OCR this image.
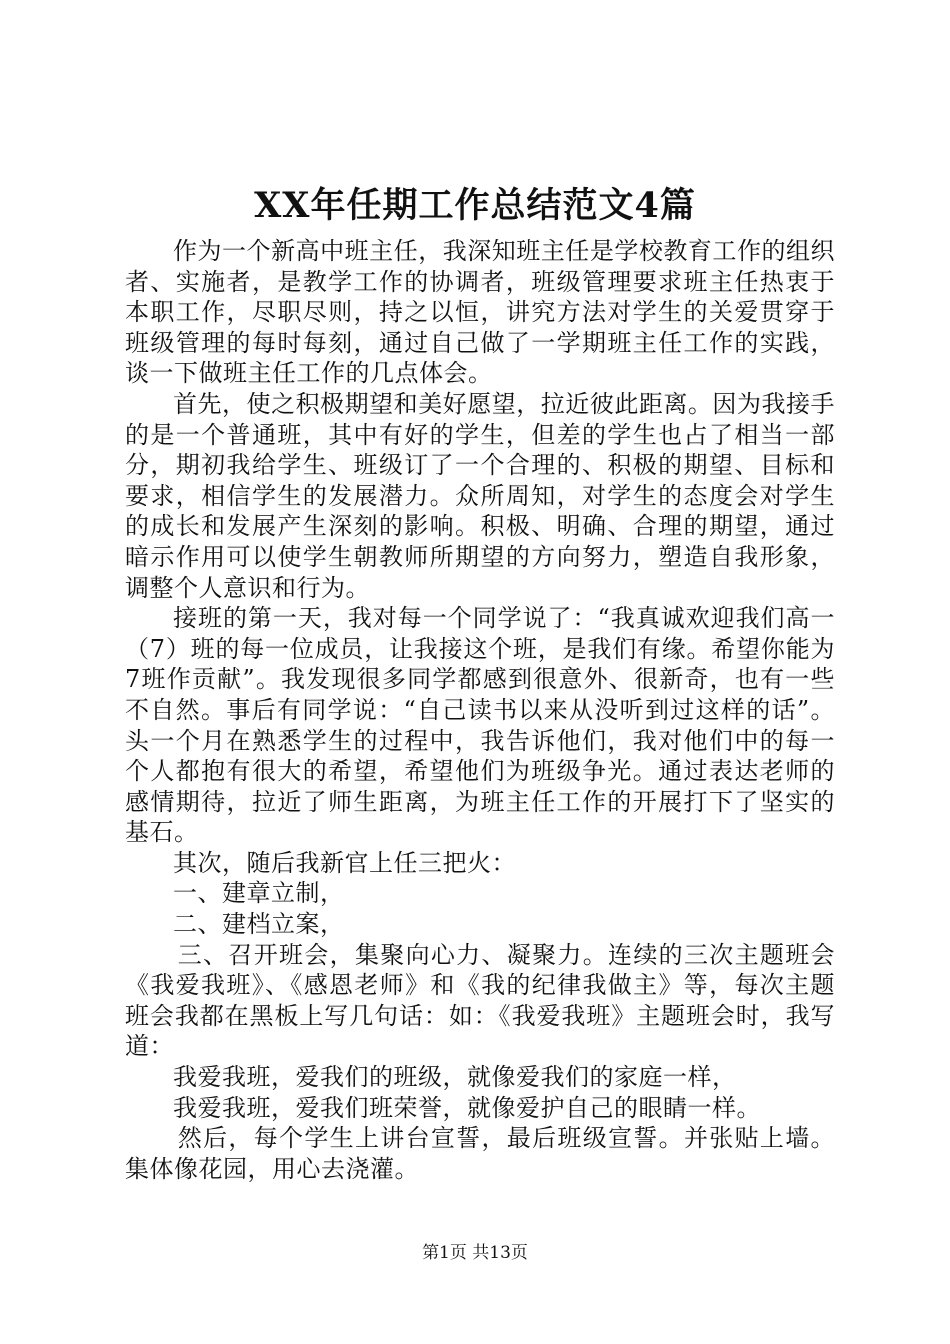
XX年任期工作总结范文4篇

作为一个新高中班主任，我深知班主任是学校教育工作的组织者、实施者，是教学工作的协调者，班级管理要求班主任热衷于本职工作，尽职尽则，持之以恒，讲究方法对学生的关爱贯穿于班级管理的每时每刻，通过自己做了一学期班主任工作的实践，谈一下做班主任工作的几点体会。

首先，使之积极期望和美好愿望，拉近彼此距离。因为我接手的是一个普通班，其中有好的学生，但差的学生也占了相当一部分，期初我给学生、班级订了一个合理的、积极的期望、目标和要求，相信学生的发展潜力。众所周知，对学生的态度会对学生的成长和发展产生深刻的影响。积极、明确、合理的期望，通过暗示作用可以使学生朝教师所期望的方向努力，塑造自我形象，调整个人意识和行为。

接班的第一天，我对每一个同学说了：“我真诚欢迎我们高一（7）班的每一位成员，让我接这个班，是我们有缘。希望你能为7班作贡献”。我发现很多同学都感到很意外、很新奇，也有一些不自然。事后有同学说：“自己读书以来从没听到过这样的话”。头一个月在熟悉学生的过程中，我告诉他们，我对他们中的每一个人都抱有很大的希望，希望他们为班级争光。通过表达老师的感情期待，拉近了师生距离，为班主任工作的开展打下了坚实的基石。

其次，随后我新官上任三把火：

一、建章立制，

二、建档立案，

三、召开班会，集聚向心力、凝聚力。连续的三次主题班会《我爱我班》、《感恩老师》和《我的纪律我做主》等，每次主题班会我都在黑板上写几句话：如：《我爱我班》主题班会时，我写道：

我爱我班，爱我们的班级，就像爱我们的家庭一样，

我爱我班，爱我们班荣誉，就像爱护自己的眼睛一样。

然后，每个学生上讲台宣誓，最后班级宣誓。并张贴上墙。集体像花园，用心去浇灌。

第1页 共13页
